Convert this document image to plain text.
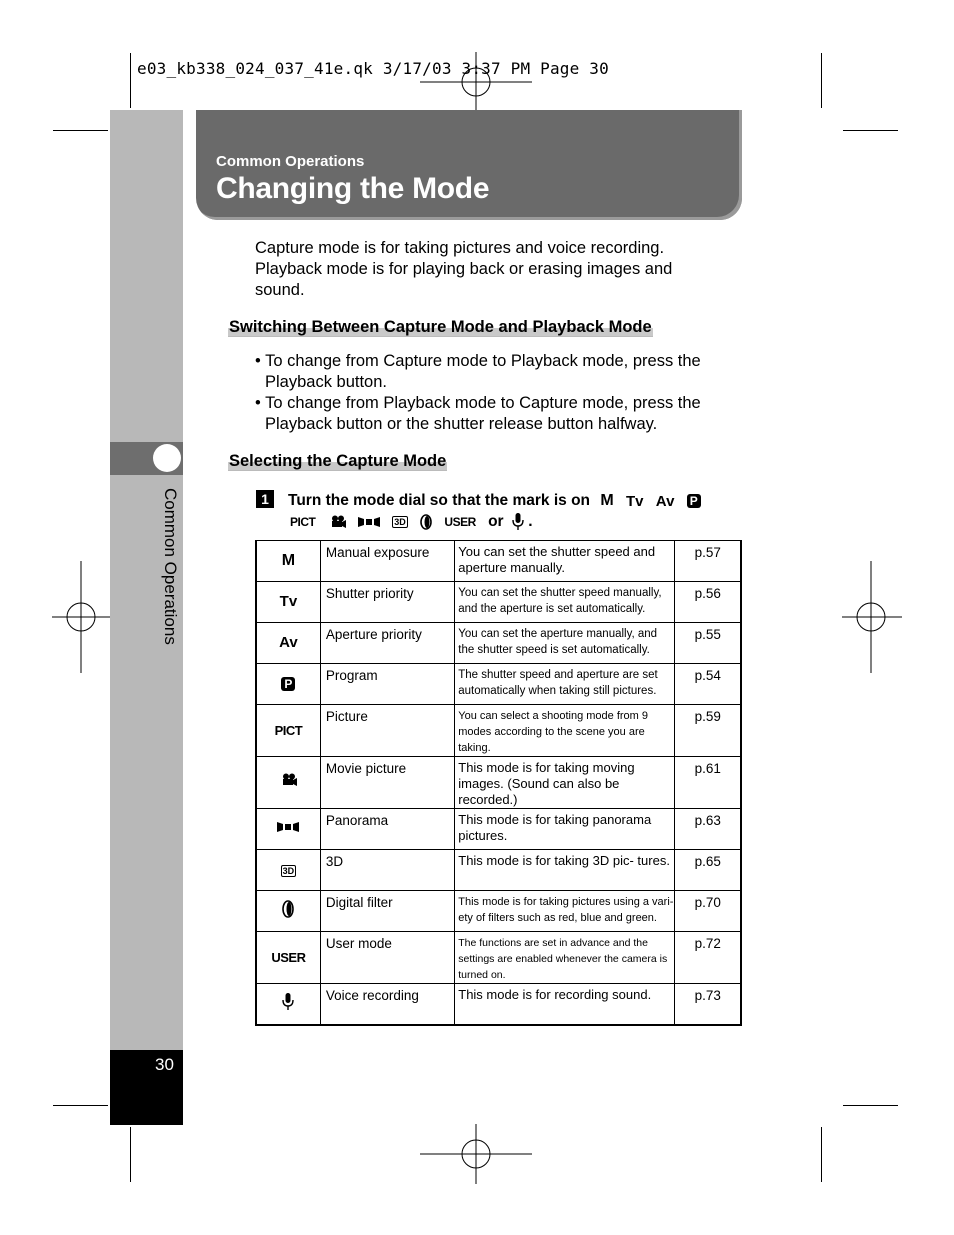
e03_kb338_024_037_41e.qk 3/17/03 3:37 PM Page 30
Common Operations
30
Common Operations
Changing the Mode
Capture mode is for taking pictures and voice recording. Playback mode is for playing back or erasing images and sound.
Switching Between Capture Mode and Playback Mode
• To change from Capture mode to Playback mode, press the Playback button.
• To change from Playback mode to Capture mode, press the Playback button or the shutter release button halfway.
Selecting the Capture Mode
1	Turn the mode dial so that the mark is on M Tv Av P
PICT	3D	USER or .
M	Manual exposure	You can set the shutter speed and aperture manually.	p.57
Tv	Shutter priority	You can set the shutter speed manually, and the aperture is set automatically.	p.56
Av	Aperture priority	You can set the aperture manually, and the shutter speed is set automatically.	p.55
P	Program	The shutter speed and aperture are set automatically when taking still pictures.	p.54
PICT	Picture	You can select a shooting mode from 9 modes according to the scene you are taking.	p.59
	Movie picture	This mode is for taking moving images. (Sound can also be recorded.)	p.61
	Panorama	This mode is for taking panorama pictures.	p.63
3D	3D	This mode is for taking 3D pic- tures.	p.65
	Digital filter	This mode is for taking pictures using a vari- ety of filters such as red, blue and green.	p.70
USER	User mode	The functions are set in advance and the settings are enabled whenever the camera is turned on.	p.72
	Voice recording	This mode is for recording sound.	p.73
